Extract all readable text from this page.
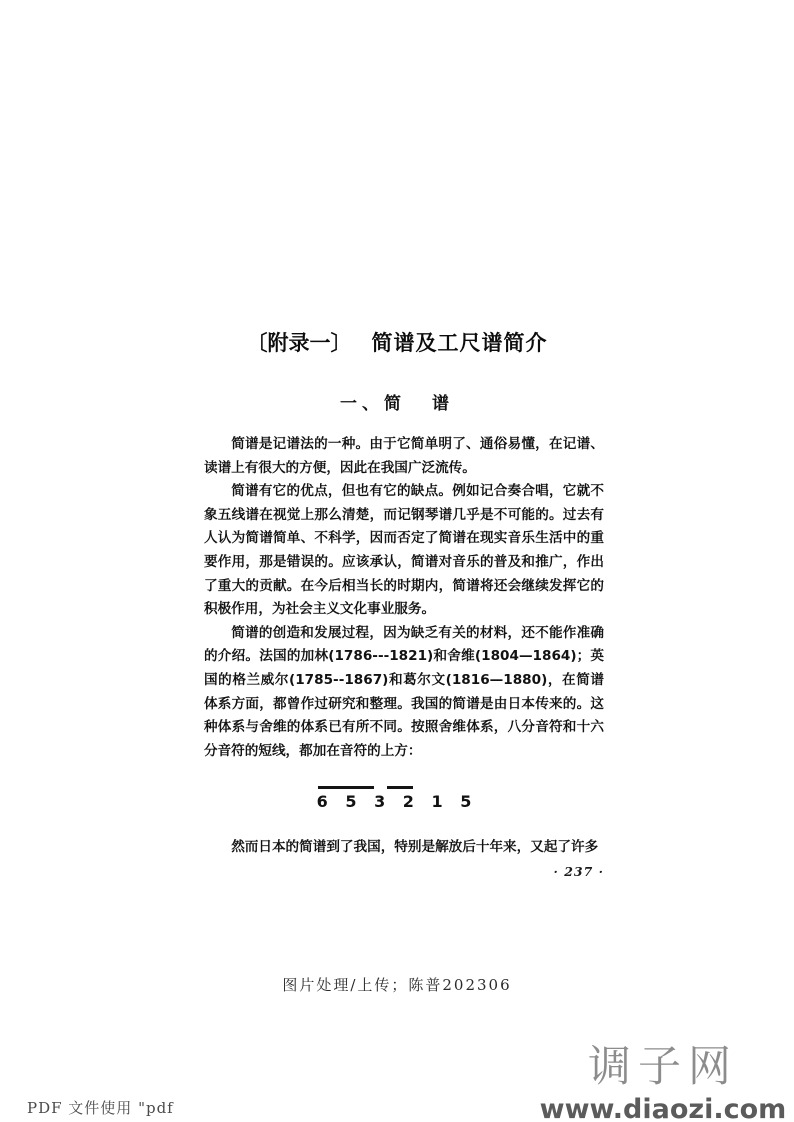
〔附录一〕 简谱及工尺谱简介
一、简 谱

简谱是记谱法的一种。由于它简单明了、通俗易懂，在记谱、读谱上有很大的方便，因此在我国广泛流传。

简谱有它的优点，但也有它的缺点。例如记合奏合唱，它就不象五线谱在视觉上那么清楚，而记钢琴谱几乎是不可能的。过去有人认为简谱简单、不科学，因而否定了简谱在现实音乐生活中的重要作用，那是错误的。应该承认，简谱对音乐的普及和推广，作出了重大的贡献。在今后相当长的时期内，简谱将还会继续发挥它的积极作用，为社会主义文化事业服务。

简谱的创造和发展过程，因为缺乏有关的材料，还不能作准确的介绍。法国的加林(1786---1821)和舍维(1804—1864)；英国的格兰威尔(1785--1867)和葛尔文(1816—1880)，在简谱体系方面，都曾作过研究和整理。我国的简谱是由日本传来的。这种体系与舍维的体系已有所不同。按照舍维体系，八分音符和十六分音符的短线，都加在音符的上方：

6 5 3 2 1 5
然而日本的简谱到了我国，特别是解放后十年来，又起了许多
· 237 ·
图片处理/上传；陈普202306
调子网
www.diaozi.com
PDF 文件使用 "pdf
